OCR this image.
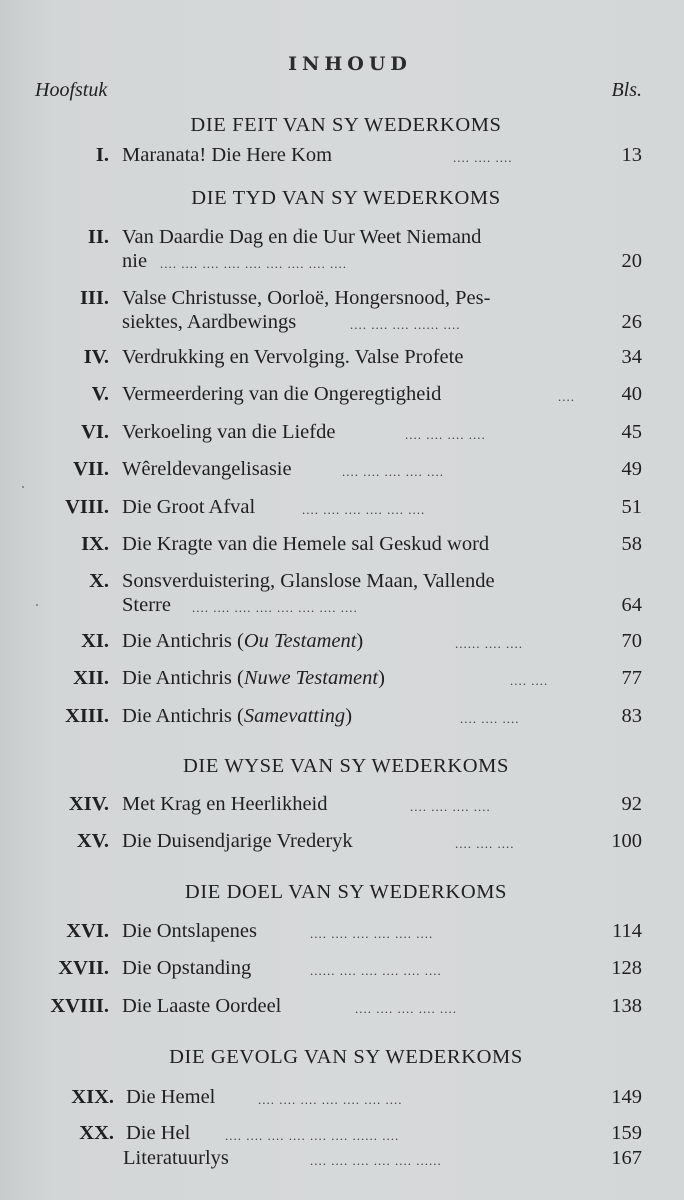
INHOUD
Hoofstuk	Bls.
DIE FEIT VAN SY WEDERKOMS
I. Maranata! Die Here Kom	.... .... ....	13
DIE TYD VAN SY WEDERKOMS
II. Van Daardie Dag en die Uur Weet Niemand
nie .... .... .... .... .... .... .... .... ....	20
III. Valse Christusse, Oorloë, Hongersnood, Pes-
siektes, Aardbewings	.... .... .... ...... ....	26
IV. Verdrukking en Vervolging. Valse Profete	34
V. Vermeerdering van die Ongeregtigheid	.... 40
VI. Verkoeling van die Liefde	.... .... .... ....	45
VII. Wêreldevangelisasie	.... .... .... .... ....	49
VIII. Die Groot Afval	.... .... .... .... .... ....	51
IX. Die Kragte van die Hemele sal Geskud word	58
X. Sonsverduistering, Glanslose Maan, Vallende
Sterre .... .... .... .... .... .... .... ....	64
XI. Die Antichris (Ou Testament)	...... .... ....	70
XII. Die Antichris (Nuwe Testament)	.... ....	77
XIII. Die Antichris (Samevatting)	.... .... ....	83
DIE WYSE VAN SY WEDERKOMS
XIV. Met Krag en Heerlikheid	.... .... .... ....	92
XV. Die Duisendjarige Vrederyk	.... .... ....	100
DIE DOEL VAN SY WEDERKOMS
XVI. Die Ontslapenes	.... .... .... .... .... ....	114
XVII. Die Opstanding	...... .... .... .... .... ....	128
XVIII. Die Laaste Oordeel	.... .... .... .... ....	138
DIE GEVOLG VAN SY WEDERKOMS
XIX. Die Hemel	.... .... .... .... .... .... ....	149
XX. Die Hel	.... .... .... .... .... .... ...... ....	159
Literatuurlys	.... .... .... .... .... ......	167
